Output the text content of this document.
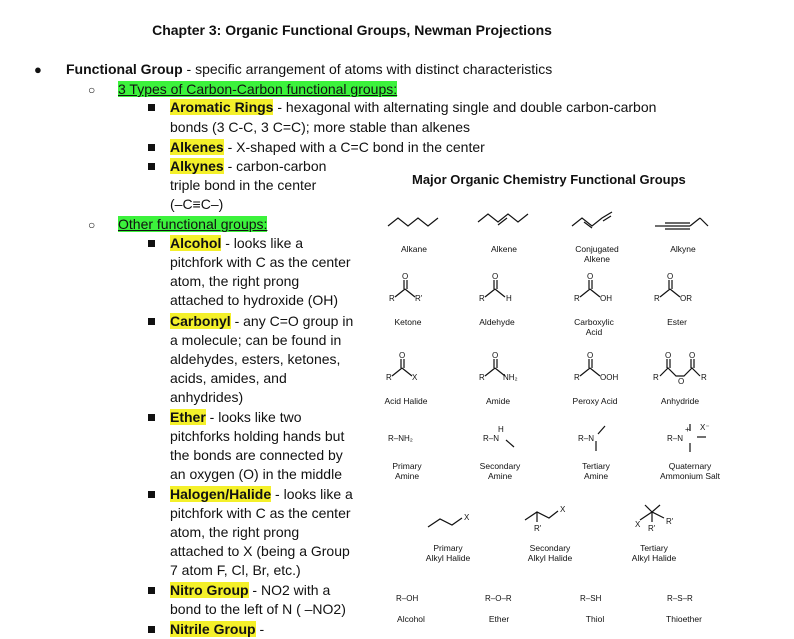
Chapter 3: Organic Functional Groups, Newman Projections
● Functional Group - specific arrangement of atoms with distinct characteristics
○ 3 Types of Carbon-Carbon functional groups:
Aromatic Rings - hexagonal with alternating single and double carbon-carbon
bonds (3 C-C, 3 C=C); more stable than alkenes
Alkenes - X-shaped with a C=C bond in the center
Alkynes - carbon-carbon
triple bond in the center
(–C≡C–)
○ Other functional groups:
Alcohol - looks like a
pitchfork with C as the center
atom, the right prong
attached to hydroxide (OH)
Carbonyl - any C=O group in
a molecule; can be found in
aldehydes, esters, ketones,
acids, amides, and
anhydrides)
Ether - looks like two
pitchforks holding hands but
the bonds are connected by
an oxygen (O) in the middle
Halogen/Halide - looks like a
pitchfork with C as the center
atom, the right prong
attached to X (being a Group
7 atom F, Cl, Br, etc.)
Nitro Group - NO2 with a
bond to the left of N ( –NO2)
Nitrile Group -
Major Organic Chemistry Functional Groups
O
R	R'
O
R	H
O
R	OH
O
R	OR
O
R	X
O
R NH₂
O
R	OOH
O O
R O R
R–NH₂	R–N
H
R–N	R–N
+ X⁻
X
X
R'	X	R'
R'
R–OH	R–O–R	R–SH	R–S–R
Alkane	Alkene	Conjugated
Alkene
Alkyne
Ketone	Aldehyde	Carboxylic
Acid
Ester
Acid Halide	Amide	Peroxy Acid	Anhydride
Primary
Amine
Secondary
Amine
Tertiary
Amine
Quaternary
Ammonium Salt
Primary
Alkyl Halide
Secondary
Alkyl Halide
Tertiary
Alkyl Halide
Alcohol	Ether	Thiol	Thioether
